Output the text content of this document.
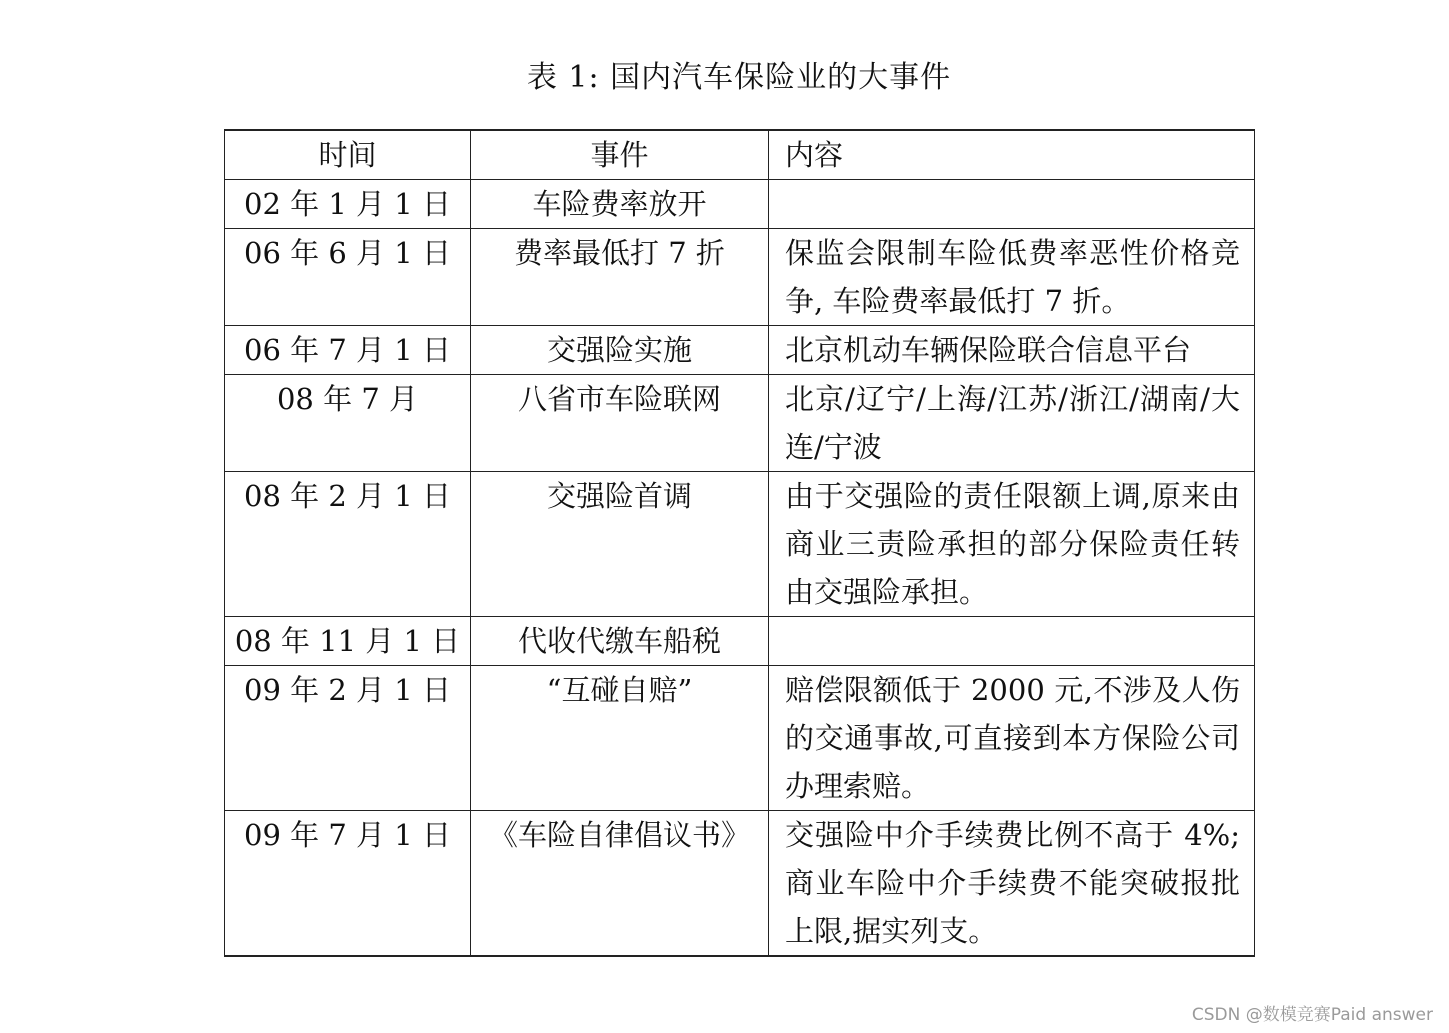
表 1: 国内汽车保险业的大事件
时间	事件	内容
02 年 1 月 1 日	车险费率放开	
06 年 6 月 1 日	费率最低打 7 折	保监会限制车险低费率恶性价格竞争, 车险费率最低打 7 折。
06 年 7 月 1 日	交强险实施	北京机动车辆保险联合信息平台
08 年 7 月	八省市车险联网	北京/辽宁/上海/江苏/浙江/湖南/大连/宁波
08 年 2 月 1 日	交强险首调	由于交强险的责任限额上调,原来由商业三责险承担的部分保险责任转由交强险承担。
08 年 11 月 1 日	代收代缴车船税	
09 年 2 月 1 日	“互碰自赔”	赔偿限额低于 2000 元,不涉及人伤的交通事故,可直接到本方保险公司办理索赔。
09 年 7 月 1 日	《车险自律倡议书》	交强险中介手续费比例不高于 4%;商业车险中介手续费不能突破报批上限,据实列支。
CSDN @数模竞赛Paid answer
